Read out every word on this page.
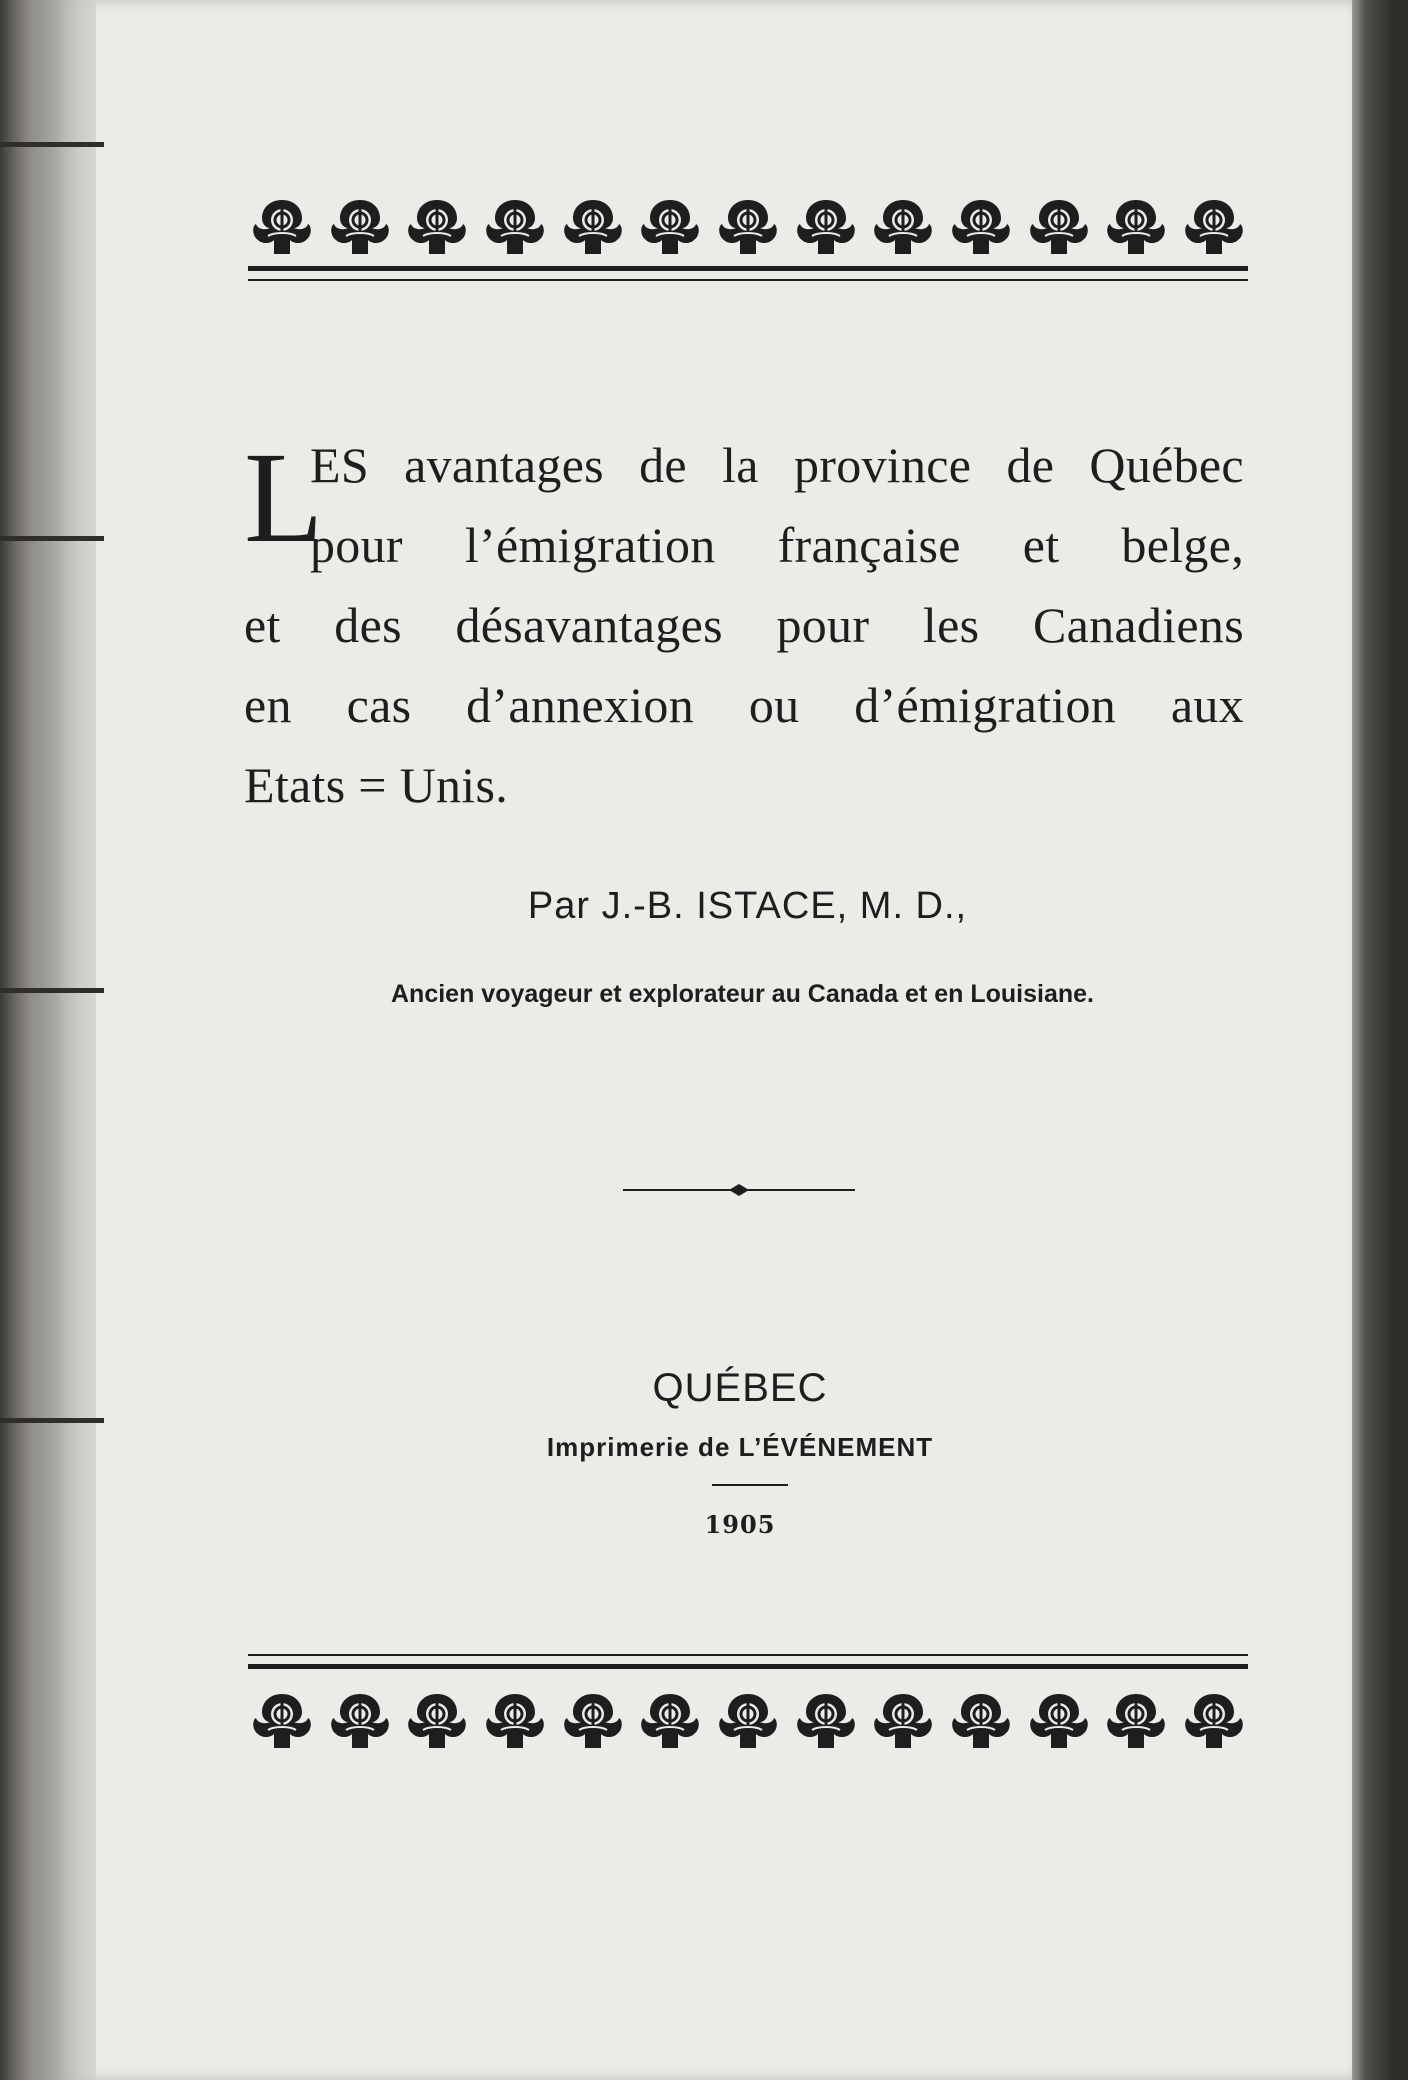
L
ES avantages de la province de Québec
pour l’émigration française et belge,
et des désavantages pour les Canadiens
en cas d’annexion ou d’émigration aux
Etats = Unis.
Par J.-B. ISTACE, M. D.,
Ancien voyageur et explorateur au Canada et en Louisiane.
QUÉBEC
Imprimerie de L’ÉVÉNEMENT
1905
